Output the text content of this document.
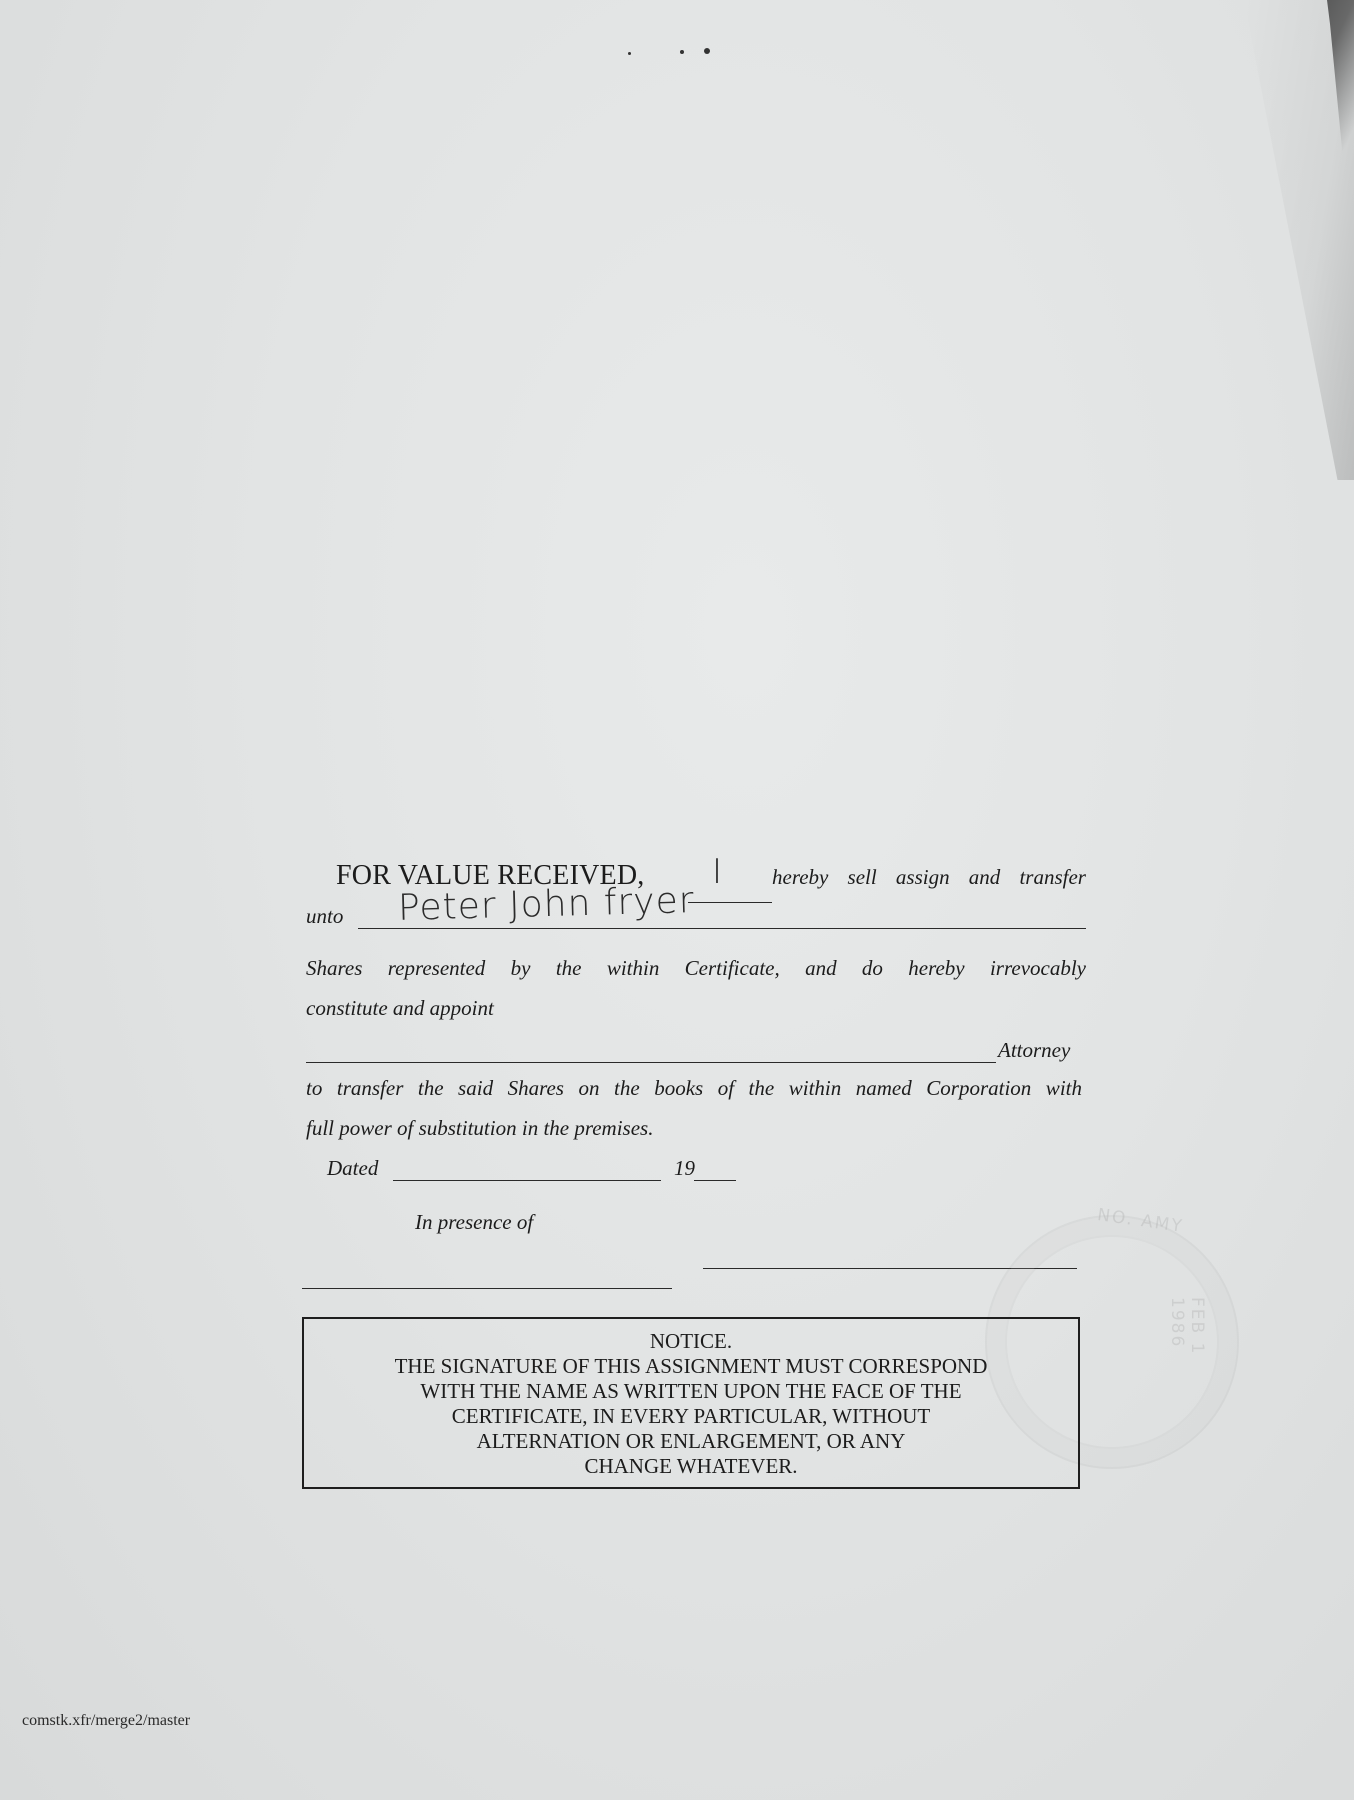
FOR VALUE RECEIVED, I hereby sell assign and transfer
unto Peter John fryer
Shares represented by the within Certificate, and do hereby irrevocably
constitute and appoint
Attorney
to transfer the said Shares on the books of the within named Corporation with
full power of substitution in the premises.
Dated	19
In presence of	NO. AMY
FEB 1 1986
NOTICE.
THE SIGNATURE OF THIS ASSIGNMENT MUST CORRESPOND
WITH THE NAME AS WRITTEN UPON THE FACE OF THE
CERTIFICATE, IN EVERY PARTICULAR, WITHOUT
ALTERNATION OR ENLARGEMENT, OR ANY
CHANGE WHATEVER.
comstk.xfr/merge2/master
